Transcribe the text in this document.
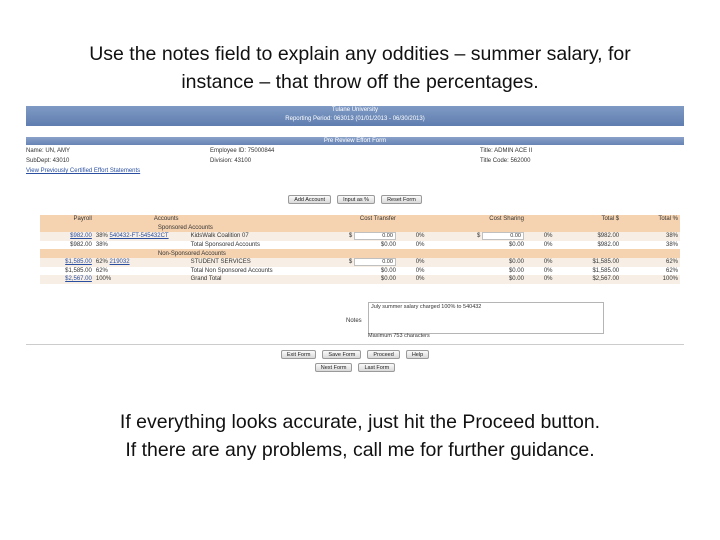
Use the notes field to explain any oddities – summer salary, for
instance – that throw off the percentages.
Tulane University
Reporting Period: 063013 (01/01/2013 - 06/30/2013)
Pre Review Effort Form
Name: UN, AMY	Employee ID: 75000844	Title: ADMIN ACE II
SubDept: 43010	Division: 43100	Title Code: 562000
View Previously Certified Effort Statements
Add Account	Input as %	Reset Form
Payroll	Accounts		Cost Transfer		Cost Sharing		Total $	Total %
	Sponsored Accounts							
$982.00	38% 540432-FT-545432CT	KidsWalk Coalition 07	$ 0.00	0%	$ 0.00	0%	$982.00	38%
$982.00	38%	Total Sponsored Accounts	$0.00	0%	$0.00	0%	$982.00	38%
	Non-Sponsored Accounts							
$1,585.00	62% 219032	STUDENT SERVICES	$ 0.00	0%	$0.00	0%	$1,585.00	62%
$1,585.00	62%	Total Non Sponsored Accounts	$0.00	0%	$0.00	0%	$1,585.00	62%
$2,567.00	100%	Grand Total	$0.00	0%	$0.00	0%	$2,567.00	100%
Notes
July summer salary charged 100% to 540432
Maximum 753 characters
Exit Form	Save Form	Proceed	Help
Next Form	Last Form
If everything looks accurate, just hit the Proceed button.
If there are any problems, call me for further guidance.
